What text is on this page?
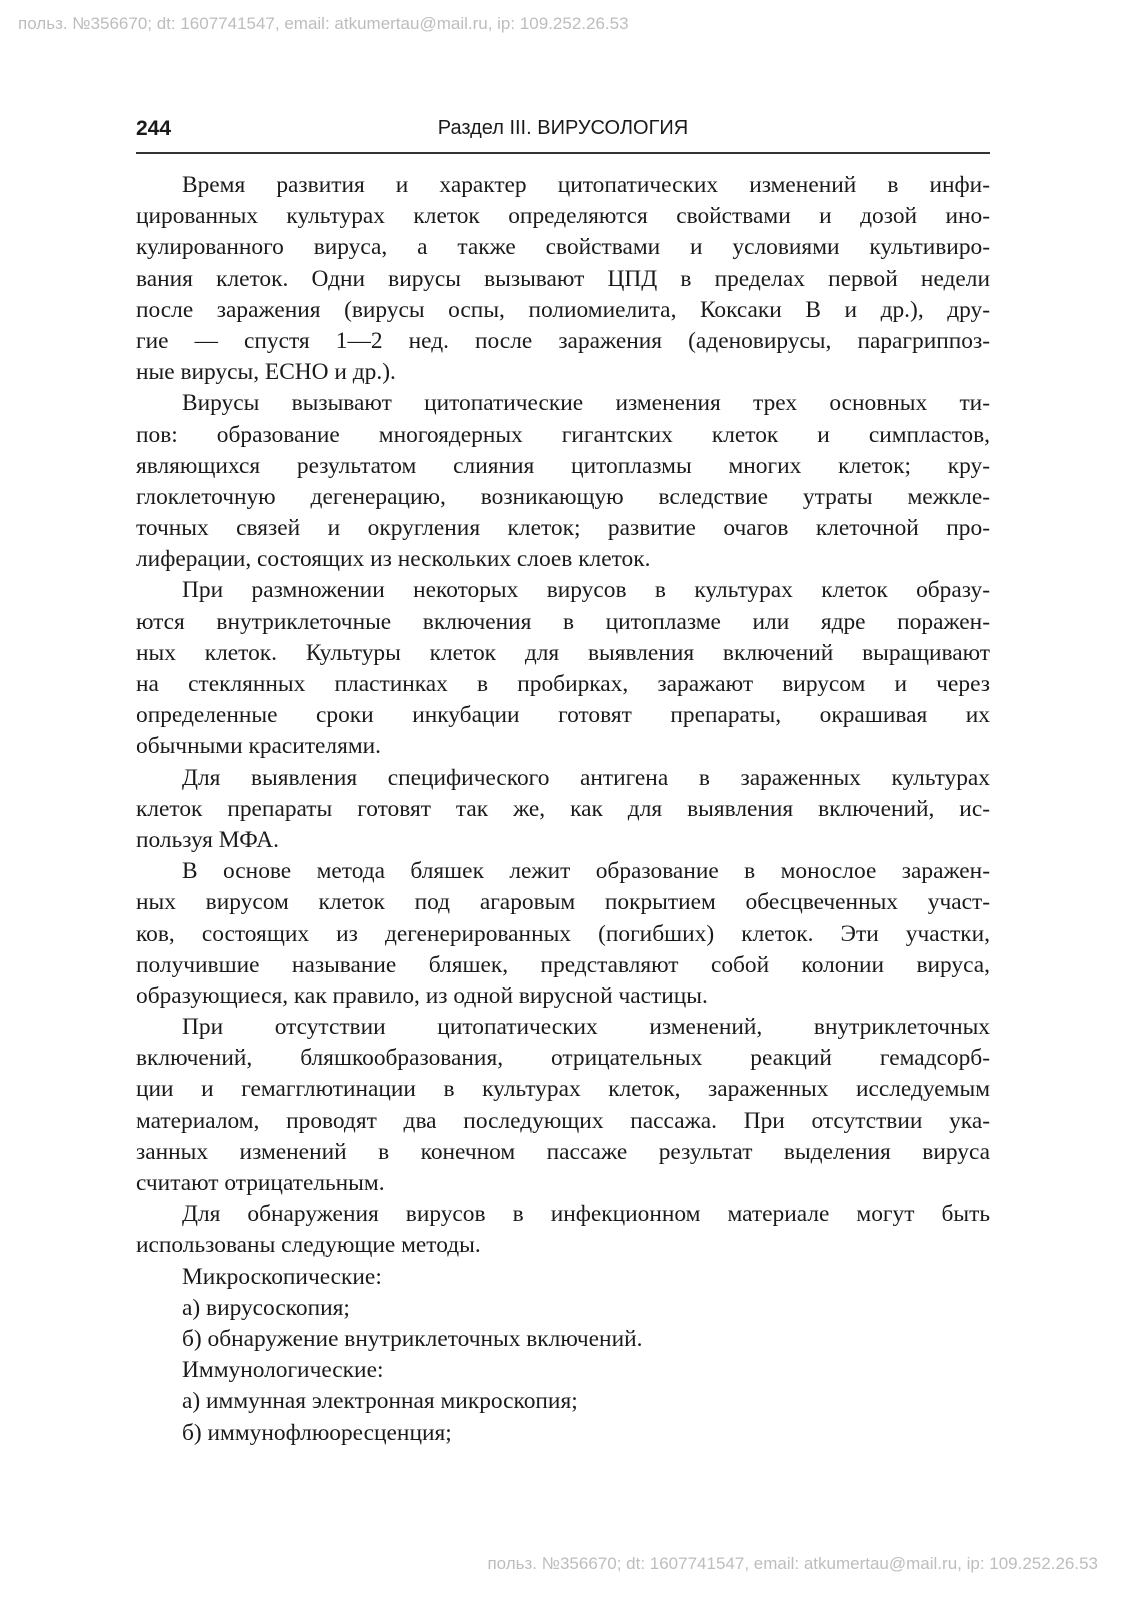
польз. №356670; dt: 1607741547, email: atkumertau@mail.ru, ip: 109.252.26.53
244	Раздел III. ВИРУСОЛОГИЯ
Время развития и характер цитопатических изменений в инфи-
цированных культурах клеток определяются свойствами и дозой ино-
кулированного вируса, а также свойствами и условиями культивиро-
вания клеток. Одни вирусы вызывают ЦПД в пределах первой недели
после заражения (вирусы оспы, полиомиелита, Коксаки В и др.), дру-
гие — спустя 1—2 нед. после заражения (аденовирусы, парагриппоз-
ные вирусы, ЕСНО и др.).
Вирусы вызывают цитопатические изменения трех основных ти-
пов: образование многоядерных гигантских клеток и симпластов,
являющихся результатом слияния цитоплазмы многих клеток; кру-
глоклеточную дегенерацию, возникающую вследствие утраты межкле-
точных связей и округления клеток; развитие очагов клеточной про-
лиферации, состоящих из нескольких слоев клеток.
При размножении некоторых вирусов в культурах клеток образу-
ются внутриклеточные включения в цитоплазме или ядре поражен-
ных клеток. Культуры клеток для выявления включений выращивают
на стеклянных пластинках в пробирках, заражают вирусом и через
определенные сроки инкубации готовят препараты, окрашивая их
обычными красителями.
Для выявления специфического антигена в зараженных культурах
клеток препараты готовят так же, как для выявления включений, ис-
пользуя МФА.
В основе метода бляшек лежит образование в монослое заражен-
ных вирусом клеток под агаровым покрытием обесцвеченных участ-
ков, состоящих из дегенерированных (погибших) клеток. Эти участки,
получившие называние бляшек, представляют собой колонии вируса,
образующиеся, как правило, из одной вирусной частицы.
При отсутствии цитопатических изменений, внутриклеточных
включений, бляшкообразования, отрицательных реакций гемадсорб-
ции и гемагглютинации в культурах клеток, зараженных исследуемым
материалом, проводят два последующих пассажа. При отсутствии ука-
занных изменений в конечном пассаже результат выделения вируса
считают отрицательным.
Для обнаружения вирусов в инфекционном материале могут быть
использованы следующие методы.
Микроскопические:
а) вирусоскопия;
б) обнаружение внутриклеточных включений.
Иммунологические:
а) иммунная электронная микроскопия;
б) иммунофлюоресценция;
польз. №356670; dt: 1607741547, email: atkumertau@mail.ru, ip: 109.252.26.53
